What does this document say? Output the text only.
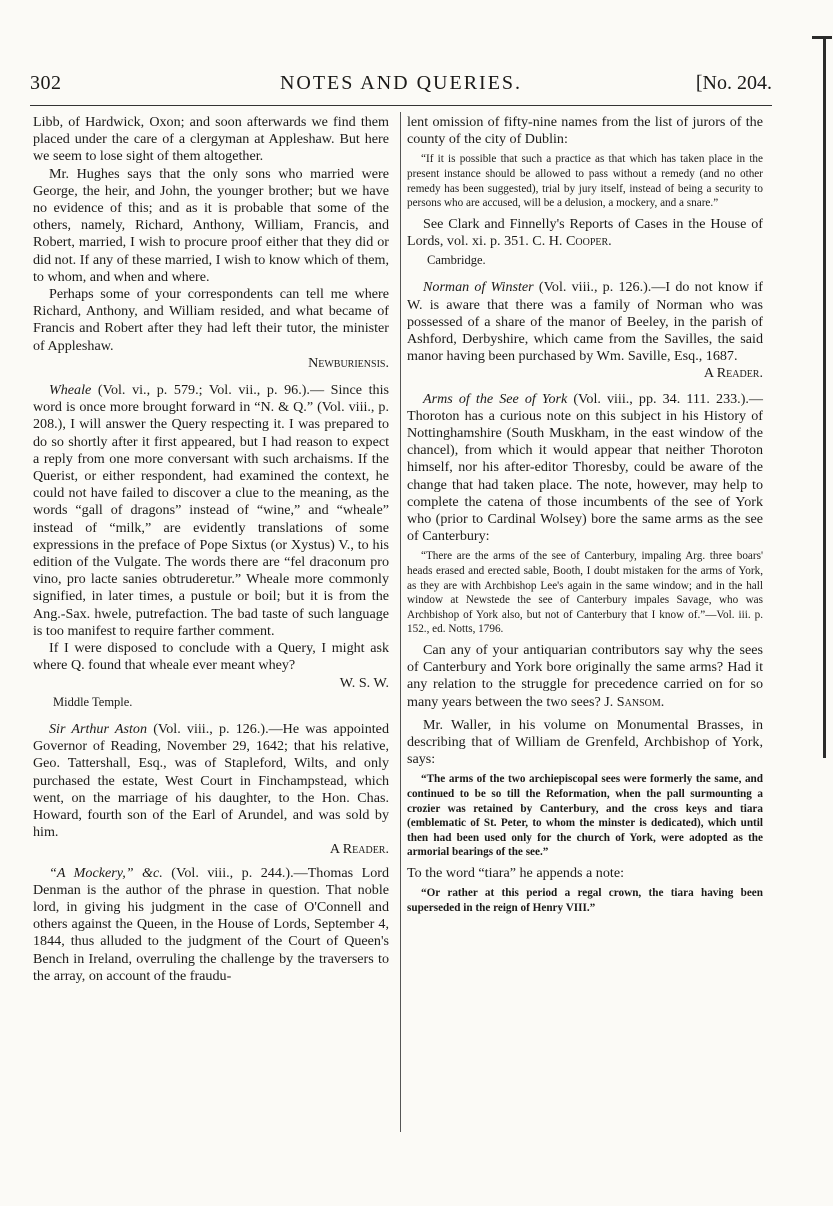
302	NOTES AND QUERIES.	[No. 204.

Libb, of Hardwick, Oxon; and soon afterwards we find them placed under the care of a clergyman at Appleshaw. But here we seem to lose sight of them altogether.

Mr. Hughes says that the only sons who married were George, the heir, and John, the younger brother; but we have no evidence of this; and as it is probable that some of the others, namely, Richard, Anthony, William, Francis, and Robert, married, I wish to procure proof either that they did or did not. If any of these married, I wish to know which of them, to whom, and when and where.

Perhaps some of your correspondents can tell me where Richard, Anthony, and William resided, and what became of Francis and Robert after they had left their tutor, the minister of Appleshaw.
Newburiensis.

Wheale (Vol. vi., p. 579.; Vol. vii., p. 96.).— Since this word is once more brought forward in “N. & Q.” (Vol. viii., p. 208.), I will answer the Query respecting it. I was prepared to do so shortly after it first appeared, but I had reason to expect a reply from one more conversant with such archaisms. If the Querist, or either respondent, had examined the context, he could not have failed to discover a clue to the meaning, as the words “gall of dragons” instead of “wine,” and “wheale” instead of “milk,” are evidently translations of some expressions in the preface of Pope Sixtus (or Xystus) V., to his edition of the Vulgate. The words there are “fel draconum pro vino, pro lacte sanies obtruderetur.” Wheale more commonly signified, in later times, a pustule or boil; but it is from the Ang.-Sax. hwele, putrefaction. The bad taste of such language is too manifest to require farther comment.

If I were disposed to conclude with a Query, I might ask where Q. found that wheale ever meant whey?
W. S. W.

Middle Temple.

Sir Arthur Aston (Vol. viii., p. 126.).—He was appointed Governor of Reading, November 29, 1642; that his relative, Geo. Tattershall, Esq., was of Stapleford, Wilts, and only purchased the estate, West Court in Finchampstead, which went, on the marriage of his daughter, to the Hon. Chas. Howard, fourth son of the Earl of Arundel, and was sold by him.
A Reader.

“A Mockery,” &c. (Vol. viii., p. 244.).—Thomas Lord Denman is the author of the phrase in question. That noble lord, in giving his judgment in the case of O'Connell and others against the Queen, in the House of Lords, September 4, 1844, thus alluded to the judgment of the Court of Queen's Bench in Ireland, overruling the challenge by the traversers to the array, on account of the fraudu-

lent omission of fifty-nine names from the list of jurors of the county of the city of Dublin:

“If it is possible that such a practice as that which has taken place in the present instance should be allowed to pass without a remedy (and no other remedy has been suggested), trial by jury itself, instead of being a security to persons who are accused, will be a delusion, a mockery, and a snare.”

See Clark and Finnelly's Reports of Cases in the House of Lords, vol. xi. p. 351. C. H. Cooper.

Cambridge.

Norman of Winster (Vol. viii., p. 126.).—I do not know if W. is aware that there was a family of Norman who was possessed of a share of the manor of Beeley, in the parish of Ashford, Derbyshire, which came from the Savilles, the said manor having been purchased by Wm. Saville, Esq., 1687.
A Reader.

Arms of the See of York (Vol. viii., pp. 34. 111. 233.).—Thoroton has a curious note on this subject in his History of Nottinghamshire (South Muskham, in the east window of the chancel), from which it would appear that neither Thoroton himself, nor his after-editor Thoresby, could be aware of the change that had taken place. The note, however, may help to complete the catena of those incumbents of the see of York who (prior to Cardinal Wolsey) bore the same arms as the see of Canterbury:

“There are the arms of the see of Canterbury, impaling Arg. three boars' heads erased and erected sable, Booth, I doubt mistaken for the arms of York, as they are with Archbishop Lee's again in the same window; and in the hall window at Newstede the see of Canterbury impales Savage, who was Archbishop of York also, but not of Canterbury that I know of.”—Vol. iii. p. 152., ed. Notts, 1796.

Can any of your antiquarian contributors say why the sees of Canterbury and York bore originally the same arms? Had it any relation to the struggle for precedence carried on for so many years between the two sees? J. Sansom.

Mr. Waller, in his volume on Monumental Brasses, in describing that of William de Grenfeld, Archbishop of York, says:

“The arms of the two archiepiscopal sees were formerly the same, and continued to be so till the Reformation, when the pall surmounting a crozier was retained by Canterbury, and the cross keys and tiara (emblematic of St. Peter, to whom the minster is dedicated), which until then had been used only for the church of York, were adopted as the armorial bearings of the see.”

To the word “tiara” he appends a note:

“Or rather at this period a regal crown, the tiara having been superseded in the reign of Henry VIII.”
